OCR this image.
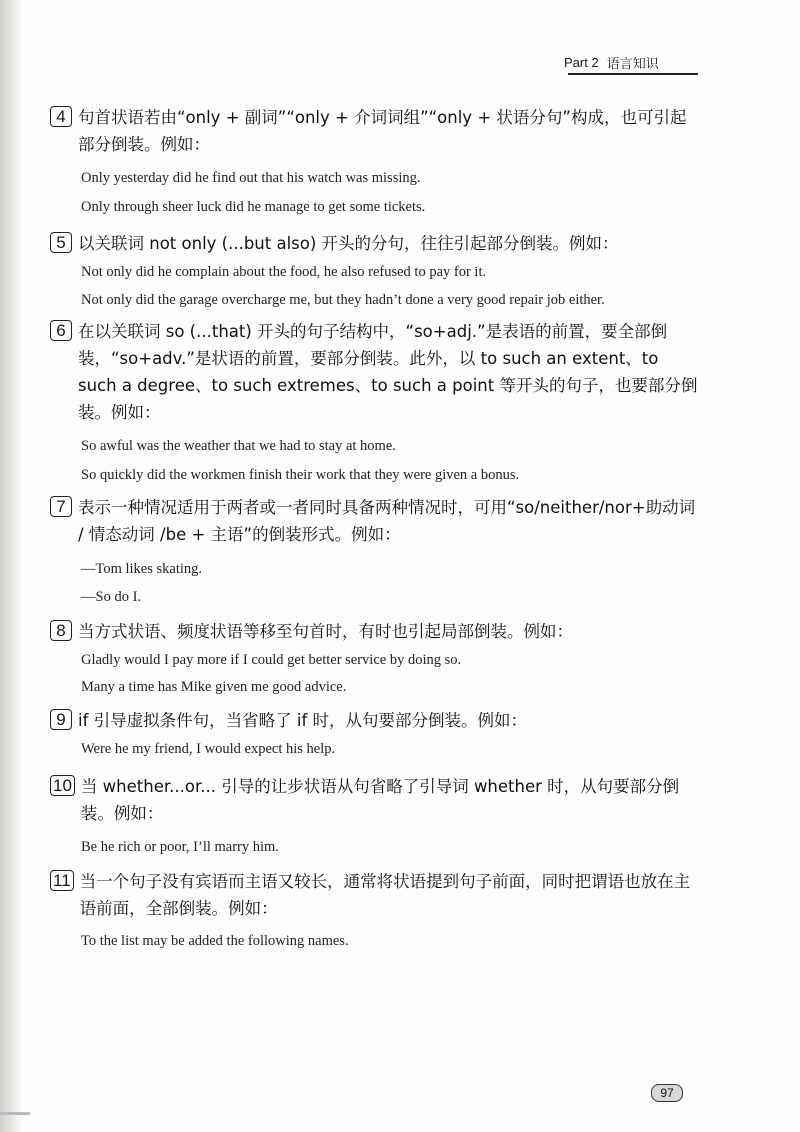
Part 2 语言知识
4 句首状语若由“only + 副词”“only + 介词词组”“only + 状语分句”构成，也可引起部分倒装。例如：
Only yesterday did he find out that his watch was missing.
Only through sheer luck did he manage to get some tickets.
5 以关联词 not only (...but also) 开头的分句，往往引起部分倒装。例如：
Not only did he complain about the food, he also refused to pay for it.
Not only did the garage overcharge me, but they hadn’t done a very good repair job either.
6 在以关联词 so (...that) 开头的句子结构中，“so+adj.”是表语的前置，要全部倒装，“so+adv.”是状语的前置，要部分倒装。此外，以 to such an extent、to such a degree、to such extremes、to such a point 等开头的句子，也要部分倒装。例如：
So awful was the weather that we had to stay at home.
So quickly did the workmen finish their work that they were given a bonus.
7 表示一种情况适用于两者或一者同时具备两种情况时，可用“so/neither/nor+助动词 / 情态动词 /be + 主语”的倒装形式。例如：
—Tom likes skating.
—So do I.
8 当方式状语、频度状语等移至句首时，有时也引起局部倒装。例如：
Gladly would I pay more if I could get better service by doing so.
Many a time has Mike given me good advice.
9 if 引导虚拟条件句，当省略了 if 时，从句要部分倒装。例如：
Were he my friend, I would expect his help.
10 当 whether...or... 引导的让步状语从句省略了引导词 whether 时，从句要部分倒装。例如：
Be he rich or poor, I’ll marry him.
11 当一个句子没有宾语而主语又较长，通常将状语提到句子前面，同时把谓语也放在主语前面，全部倒装。例如：
To the list may be added the following names.
97
